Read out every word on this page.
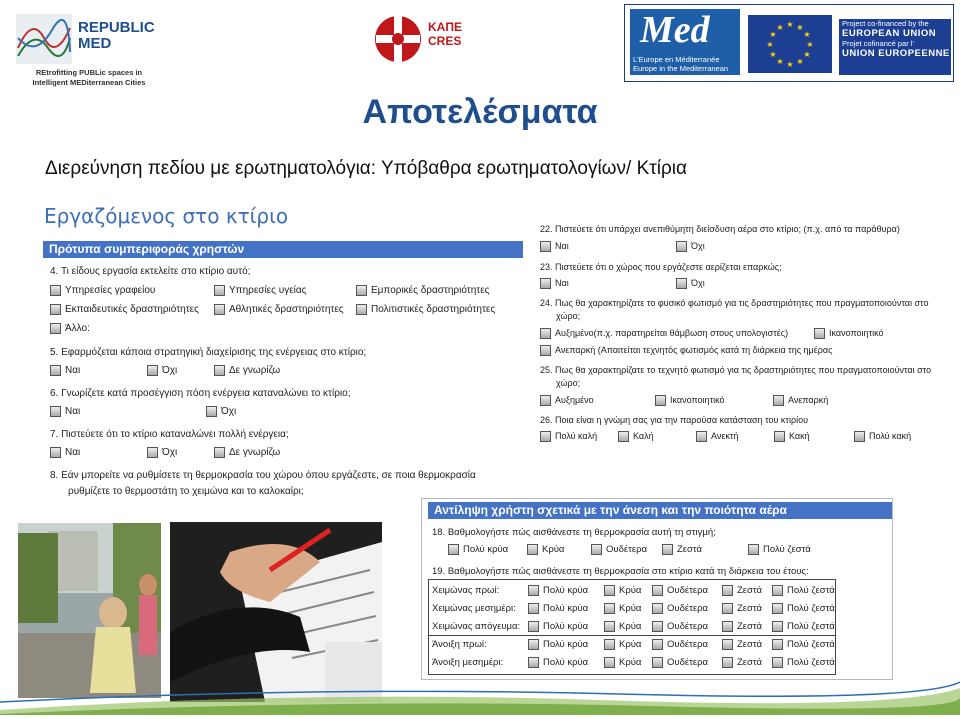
REPUBLIC
MED
REtrofitting PUBLic spaces in
Intelligent MEDiterranean Cities
ΚΑΠΕ
CRES	Med
L'Europe en Méditerranée
Europe in the Mediterranean
★ ★
★
★
★
★
★
★
★
★
★
★	Project co-financed by the
EUROPEAN UNION
Projet cofinancé par l'
UNION EUROPEENNE
Αποτελέσματα
Διερεύνηση πεδίου με ερωτηματολόγια: Υπόβαθρα ερωτηματολογίων/ Κτίρια
Εργαζόμενος στο κτίριο
Πρότυπα συμπεριφοράς χρηστών
4. Τι είδους εργασία εκτελείτε στο κτίριο αυτό;
Υπηρεσίες γραφείου	Υπηρεσίες υγείας	Εμπορικές δραστηριότητες
Εκπαιδευτικές δραστηριότητες	Αθλητικές δραστηριότητες	Πολιτιστικές δραστηριότητες
Άλλο:
5. Εφαρμόζεται κάποια στρατηγική διαχείρισης της ενέργειας στο κτίριο;
Ναι	Όχι	Δε γνωρίζω
6. Γνωρίζετε κατά προσέγγιση πόση ενέργεια καταναλώνει το κτίριο;
Ναι	Όχι
7. Πιστεύετε ότι το κτίριο καταναλώνει πολλή ενέργεια;
Ναι	Όχι	Δε γνωρίζω
8. Εάν μπορείτε να ρυθμίσετε τη θερμοκρασία του χώρου όπου εργάζεστε, σε ποια θερμοκρασία
ρυθμίζετε το θερμοστάτη το χειμώνα και το καλοκαίρι;
22. Πιστεύετε ότι υπάρχει ανεπιθύμητη διείσδυση αέρα στο κτίριο; (π.χ. από τα παράθυρα)
Ναι	Όχι
23. Πιστεύετε ότι ο χώρος που εργάζεστε αερίζεται επαρκώς;
Ναι	Όχι
24. Πως θα χαρακτηρίζατε το φυσικό φωτισμό για τις δραστηριότητες που πραγματοποιούνται στο
χώρο;
Αυξημένο(π.χ. παρατηρείται θάμβωση στους υπολογιστές)	Ικανοποιητικό
Ανεπαρκή (Απαιτείται τεχνητός φωτισμός κατά τη διάρκεια της ημέρας
25. Πως θα χαρακτηρίζατε το τεχνητό φωτισμό για τις δραστηριότητες που πραγματοποιούνται στο
χώρο;
Αυξημένο	Ικανοποιητικό	Ανεπαρκή
26. Ποια είναι η γνώμη σας για την παρούσα κατάσταση του κτιρίου
Πολύ καλή	Καλή	Ανεκτή	Κακή	Πολύ κακή
Αντίληψη χρήστη σχετικά με την άνεση και την ποιότητα αέρα
18. Βαθμολογήστε πώς αισθάνεστε τη θερμοκρασία αυτή τη στιγμή;
Πολύ κρύα	Κρύα	Ουδέτερα	Ζεστά	Πολύ ζεστά
19. Βαθμολογήστε πώς αισθάνεστε τη θερμοκρασία στο κτίριο κατά τη διάρκεια του έτους:
Χειμώνας πρωί:	Πολύ κρύα	Κρύα	Ουδέτερα	Ζεστά	Πολύ ζεστά
Χειμώνας μεσημέρι:	Πολύ κρύα	Κρύα	Ουδέτερα	Ζεστά	Πολύ ζεστά
Χειμώνας απόγευμα: Πολύ κρύα	Κρύα	Ουδέτερα	Ζεστά	Πολύ ζεστά
Άνοιξη πρωί:	Πολύ κρύα	Κρύα	Ουδέτερα	Ζεστά	Πολύ ζεστά
Άνοιξη μεσημέρι:	Πολύ κρύα	Κρύα	Ουδέτερα	Ζεστά	Πολύ ζεστά
